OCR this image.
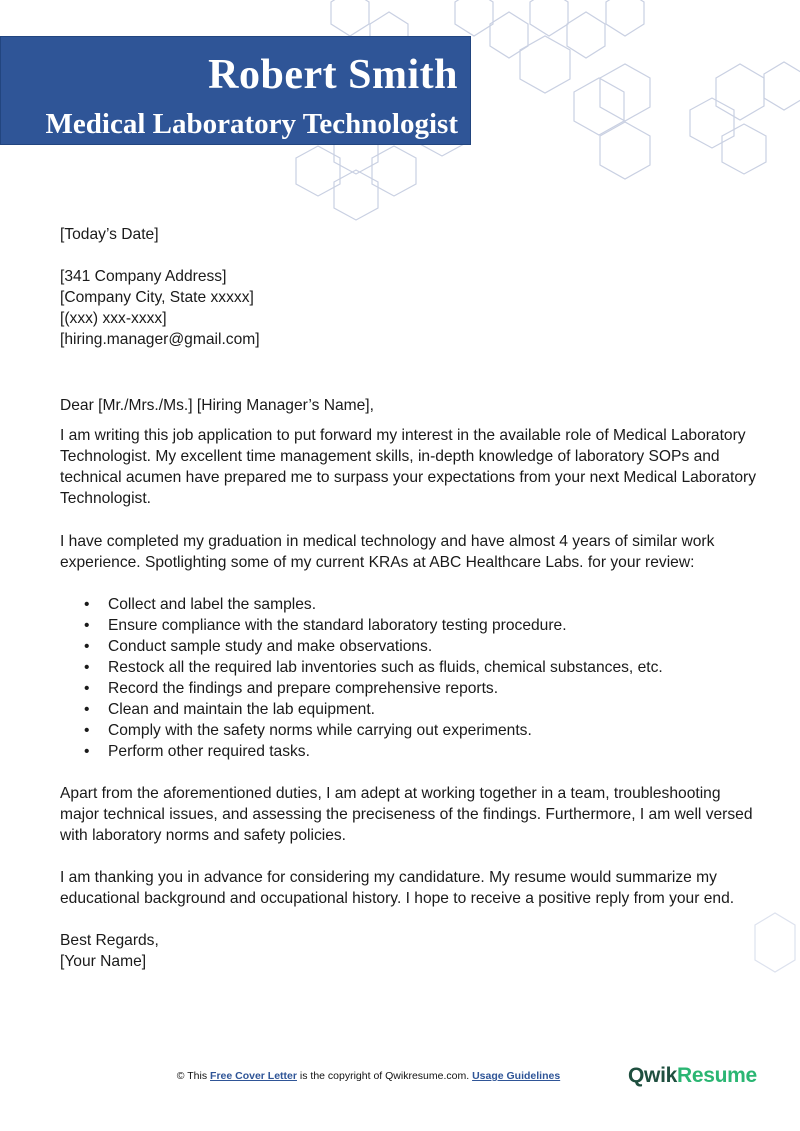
Robert Smith
Medical Laboratory Technologist

[Today’s Date]

[341 Company Address]

[Company City, State xxxxx]

[(xxx) xxx-xxxx]

[hiring.manager@gmail.com]

Dear [Mr./Mrs./Ms.] [Hiring Manager’s Name],

I am writing this job application to put forward my interest in the available role of Medical Laboratory Technologist. My excellent time management skills, in-depth knowledge of laboratory SOPs and technical acumen have prepared me to surpass your expectations from your next Medical Laboratory Technologist.

I have completed my graduation in medical technology and have almost 4 years of similar work experience. Spotlighting some of my current KRAs at ABC Healthcare Labs. for your review:

• Collect and label the samples.
• Ensure compliance with the standard laboratory testing procedure.
• Conduct sample study and make observations.
• Restock all the required lab inventories such as fluids, chemical substances, etc.
• Record the findings and prepare comprehensive reports.
• Clean and maintain the lab equipment.
• Comply with the safety norms while carrying out experiments.
• Perform other required tasks.

Apart from the aforementioned duties, I am adept at working together in a team, troubleshooting major technical issues, and assessing the preciseness of the findings. Furthermore, I am well versed with laboratory norms and safety policies.

I am thanking you in advance for considering my candidature. My resume would summarize my educational background and occupational history. I hope to receive a positive reply from your end.

Best Regards,

[Your Name]

© This Free Cover Letter is the copyright of Qwikresume.com. Usage Guidelines	QwikResume
